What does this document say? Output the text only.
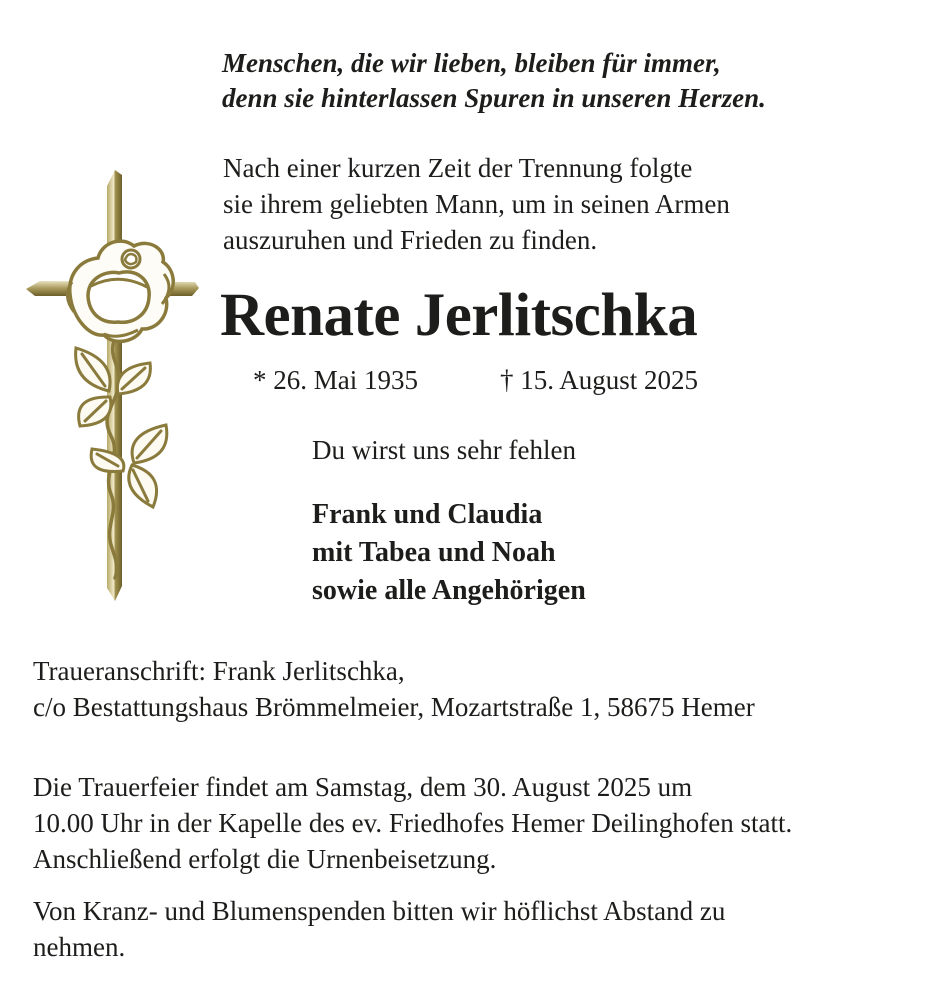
Menschen, die wir lieben, bleiben für immer,
denn sie hinterlassen Spuren in unseren Herzen.
Nach einer kurzen Zeit der Trennung folgte
sie ihrem geliebten Mann, um in seinen Armen
auszuruhen und Frieden zu finden.
Renate Jerlitschka
* 26. Mai 1935	† 15. August 2025
Du wirst uns sehr fehlen
Frank und Claudia
mit Tabea und Noah
sowie alle Angehörigen
Traueranschrift: Frank Jerlitschka,
c/o Bestattungshaus Brömmelmeier, Mozartstraße 1, 58675 Hemer
Die Trauerfeier findet am Samstag, dem 30. August 2025 um
10.00 Uhr in der Kapelle des ev. Friedhofes Hemer Deilinghofen statt.
Anschließend erfolgt die Urnenbeisetzung.
Von Kranz- und Blumenspenden bitten wir höflichst Abstand zu
nehmen.
